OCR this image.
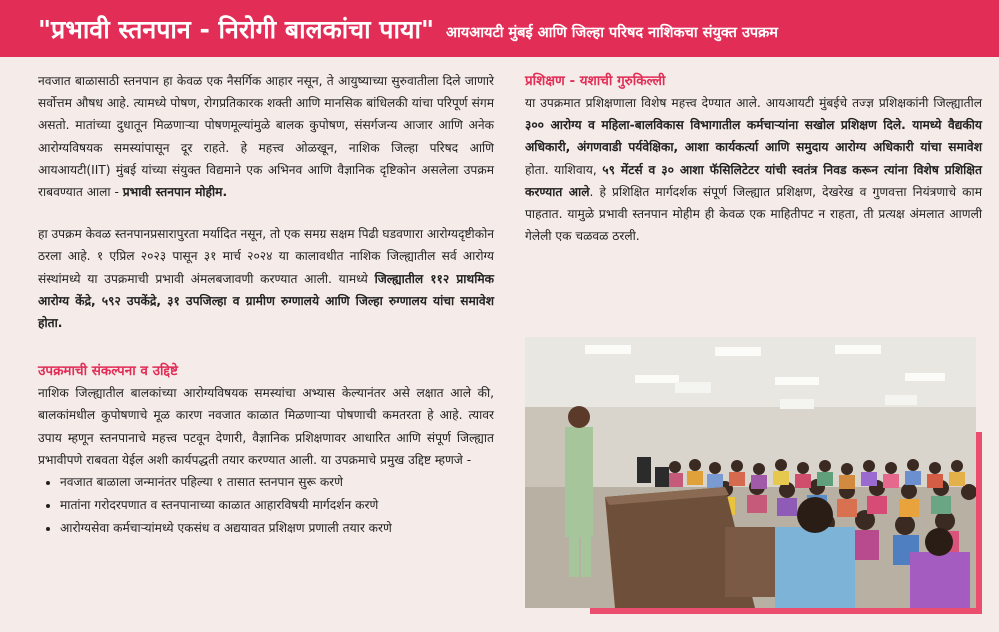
"प्रभावी स्तनपान - निरोगी बालकांचा पाया" आयआयटी मुंबई आणि जिल्हा परिषद नाशिकचा संयुक्त उपक्रम

नवजात बाळासाठी स्तनपान हा केवळ एक नैसर्गिक आहार नसून, ते आयुष्याच्या सुरुवातीला दिले जाणारे सर्वोत्तम औषध आहे. त्यामध्ये पोषण, रोगप्रतिकारक शक्ती आणि मानसिक बांधिलकी यांचा परिपूर्ण संगम असतो. मातांच्या दुधातून मिळणाऱ्या पोषणमूल्यांमुळे बालक कुपोषण, संसर्गजन्य आजार आणि अनेक आरोग्यविषयक समस्यांपासून दूर राहते. हे महत्त्व ओळखून, नाशिक जिल्हा परिषद आणि आयआयटी(IIT) मुंबई यांच्या संयुक्त विद्यमाने एक अभिनव आणि वैज्ञानिक दृष्टिकोन असलेला उपक्रम राबवण्यात आला - प्रभावी स्तनपान मोहीम.

हा उपक्रम केवळ स्तनपानप्रसारापुरता मर्यादित नसून, तो एक समग्र सक्षम पिढी घडवणारा आरोग्यदृष्टीकोन ठरला आहे. १ एप्रिल २०२३ पासून ३१ मार्च २०२४ या कालावधीत नाशिक जिल्ह्यातील सर्व आरोग्य संस्थांमध्ये या उपक्रमाची प्रभावी अंमलबजावणी करण्यात आली. यामध्ये जिल्ह्यातील ११२ प्राथमिक आरोग्य केंद्रे, ५९२ उपकेंद्रे, ३१ उपजिल्हा व ग्रामीण रुग्णालये आणि जिल्हा रुग्णालय यांचा समावेश होता.

उपक्रमाची संकल्पना व उद्दिष्टे

नाशिक जिल्ह्यातील बालकांच्या आरोग्यविषयक समस्यांचा अभ्यास केल्यानंतर असे लक्षात आले की, बालकांमधील कुपोषणाचे मूळ कारण नवजात काळात मिळणाऱ्या पोषणाची कमतरता हे आहे. त्यावर उपाय म्हणून स्तनपानाचे महत्त्व पटवून देणारी, वैज्ञानिक प्रशिक्षणावर आधारित आणि संपूर्ण जिल्ह्यात प्रभावीपणे राबवता येईल अशी कार्यपद्धती तयार करण्यात आली. या उपक्रमाचे प्रमुख उद्दिष्ट म्हणजे -

• नवजात बाळाला जन्मानंतर पहिल्या १ तासात स्तनपान सुरू करणे
• मातांना गरोदरपणात व स्तनपानाच्या काळात आहारविषयी मार्गदर्शन करणे
• आरोग्यसेवा कर्मचाऱ्यांमध्ये एकसंध व अद्ययावत प्रशिक्षण प्रणाली तयार करणे
प्रशिक्षण - यशाची गुरुकिल्ली

या उपक्रमात प्रशिक्षणाला विशेष महत्त्व देण्यात आले. आयआयटी मुंबईचे तज्ज्ञ प्रशिक्षकांनी जिल्ह्यातील ३०० आरोग्य व महिला-बालविकास विभागातील कर्मचाऱ्यांना सखोल प्रशिक्षण दिले. यामध्ये वैद्यकीय अधिकारी, अंगणवाडी पर्यवेक्षिका, आशा कार्यकर्त्या आणि समुदाय आरोग्य अधिकारी यांचा समावेश होता. याशिवाय, ५९ मेंटर्स व ३० आशा फॅसिलिटेटर यांची स्वतंत्र निवड करून त्यांना विशेष प्रशिक्षित करण्यात आले. हे प्रशिक्षित मार्गदर्शक संपूर्ण जिल्ह्यात प्रशिक्षण, देखरेख व गुणवत्ता नियंत्रणाचे काम पाहतात. यामुळे प्रभावी स्तनपान मोहीम ही केवळ एक माहितीपट न राहता, ती प्रत्यक्ष अंमलात आणली गेलेली एक चळवळ ठरली.
